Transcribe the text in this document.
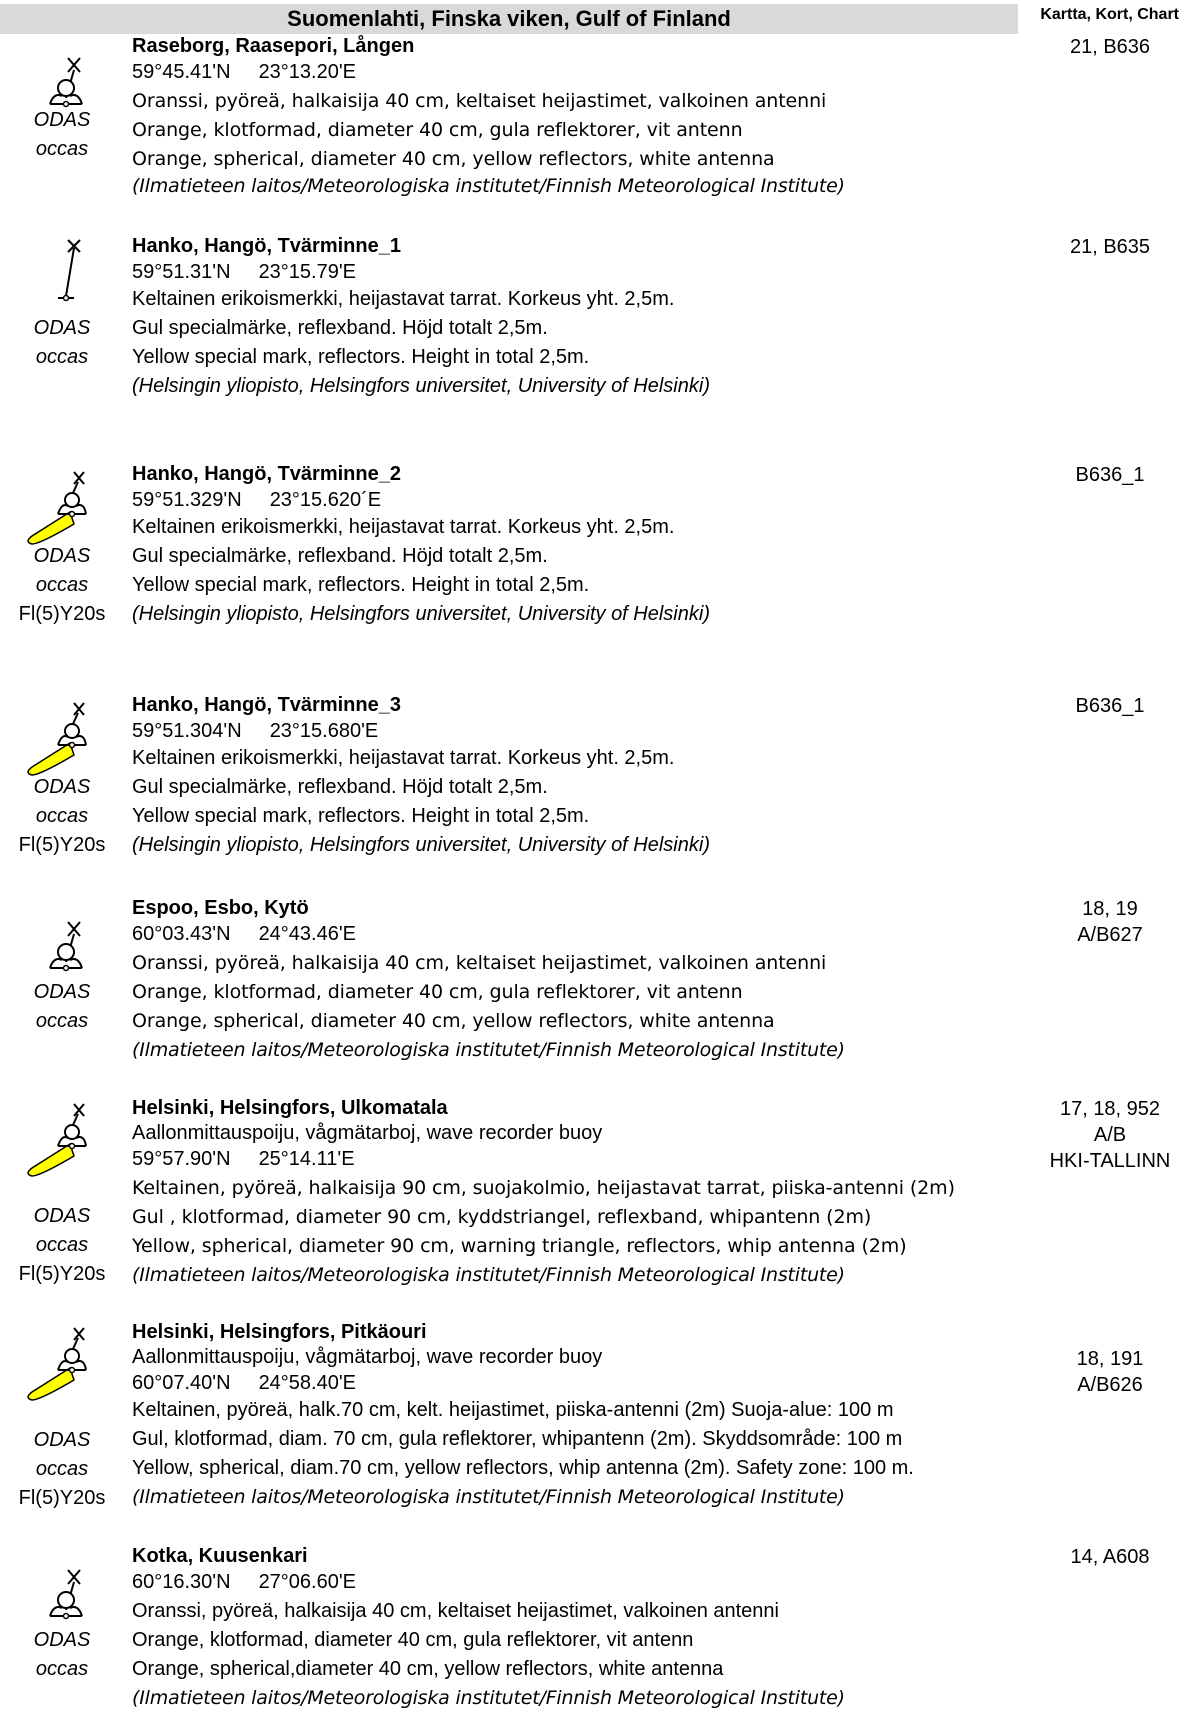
Suomenlahti, Finska viken, Gulf of Finland	Kartta, Kort, Chart
ODAS
occas
Raseborg, Raasepori, Lången
59°45.41'N 23°13.20'E
Oranssi, pyöreä, halkaisija 40 cm, keltaiset heijastimet, valkoinen antenni
Orange, klotformad, diameter 40 cm, gula reflektorer, vit antenn
Orange, spherical, diameter 40 cm, yellow reflectors, white antenna
(Ilmatieteen laitos/Meteorologiska institutet/Finnish Meteorological Institute)
21, B636
ODAS
occas
Hanko, Hangö, Tvärminne_1
59°51.31'N 23°15.79'E
Keltainen erikoismerkki, heijastavat tarrat. Korkeus yht. 2,5m.
Gul specialmärke, reflexband. Höjd totalt 2,5m.
Yellow special mark, reflectors. Height in total 2,5m.
(Helsingin yliopisto, Helsingfors universitet, University of Helsinki)
21, B635
ODAS
occas
Fl(5)Y20s
Hanko, Hangö, Tvärminne_2
59°51.329'N 23°15.620´E
Keltainen erikoismerkki, heijastavat tarrat. Korkeus yht. 2,5m.
Gul specialmärke, reflexband. Höjd totalt 2,5m.
Yellow special mark, reflectors. Height in total 2,5m.
(Helsingin yliopisto, Helsingfors universitet, University of Helsinki)
B636_1
ODAS
occas
Fl(5)Y20s
Hanko, Hangö, Tvärminne_3
59°51.304'N 23°15.680'E
Keltainen erikoismerkki, heijastavat tarrat. Korkeus yht. 2,5m.
Gul specialmärke, reflexband. Höjd totalt 2,5m.
Yellow special mark, reflectors. Height in total 2,5m.
(Helsingin yliopisto, Helsingfors universitet, University of Helsinki)
B636_1
ODAS
occas
Espoo, Esbo, Kytö
60°03.43'N 24°43.46'E
Oranssi, pyöreä, halkaisija 40 cm, keltaiset heijastimet, valkoinen antenni
Orange, klotformad, diameter 40 cm, gula reflektorer, vit antenn
Orange, spherical, diameter 40 cm, yellow reflectors, white antenna
(Ilmatieteen laitos/Meteorologiska institutet/Finnish Meteorological Institute)
18, 19
A/B627
ODAS
occas
Fl(5)Y20s
Helsinki, Helsingfors, Ulkomatala
Aallonmittauspoiju, vågmätarboj, wave recorder buoy
59°57.90'N 25°14.11'E
Keltainen, pyöreä, halkaisija 90 cm, suojakolmio, heijastavat tarrat, piiska-antenni (2m)
Gul , klotformad, diameter 90 cm, kyddstriangel, reflexband, whipantenn (2m)
Yellow, spherical, diameter 90 cm, warning triangle, reflectors, whip antenna (2m)
(Ilmatieteen laitos/Meteorologiska institutet/Finnish Meteorological Institute)
17, 18, 952
A/B
HKI-TALLINN
ODAS
occas
Fl(5)Y20s
Helsinki, Helsingfors, Pitkäouri
Aallonmittauspoiju, vågmätarboj, wave recorder buoy
60°07.40'N 24°58.40'E
Keltainen, pyöreä, halk.70 cm, kelt. heijastimet, piiska-antenni (2m) Suoja-alue: 100 m
Gul, klotformad, diam. 70 cm, gula reflektorer, whipantenn (2m). Skyddsområde: 100 m
Yellow, spherical, diam.70 cm, yellow reflectors, whip antenna (2m). Safety zone: 100 m.
(Ilmatieteen laitos/Meteorologiska institutet/Finnish Meteorological Institute)
18, 191
A/B626
ODAS
occas
Kotka, Kuusenkari
60°16.30'N 27°06.60'E
Oranssi, pyöreä, halkaisija 40 cm, keltaiset heijastimet, valkoinen antenni
Orange, klotformad, diameter 40 cm, gula reflektorer, vit antenn
Orange, spherical,diameter 40 cm, yellow reflectors, white antenna
(Ilmatieteen laitos/Meteorologiska institutet/Finnish Meteorological Institute)
14, A608
